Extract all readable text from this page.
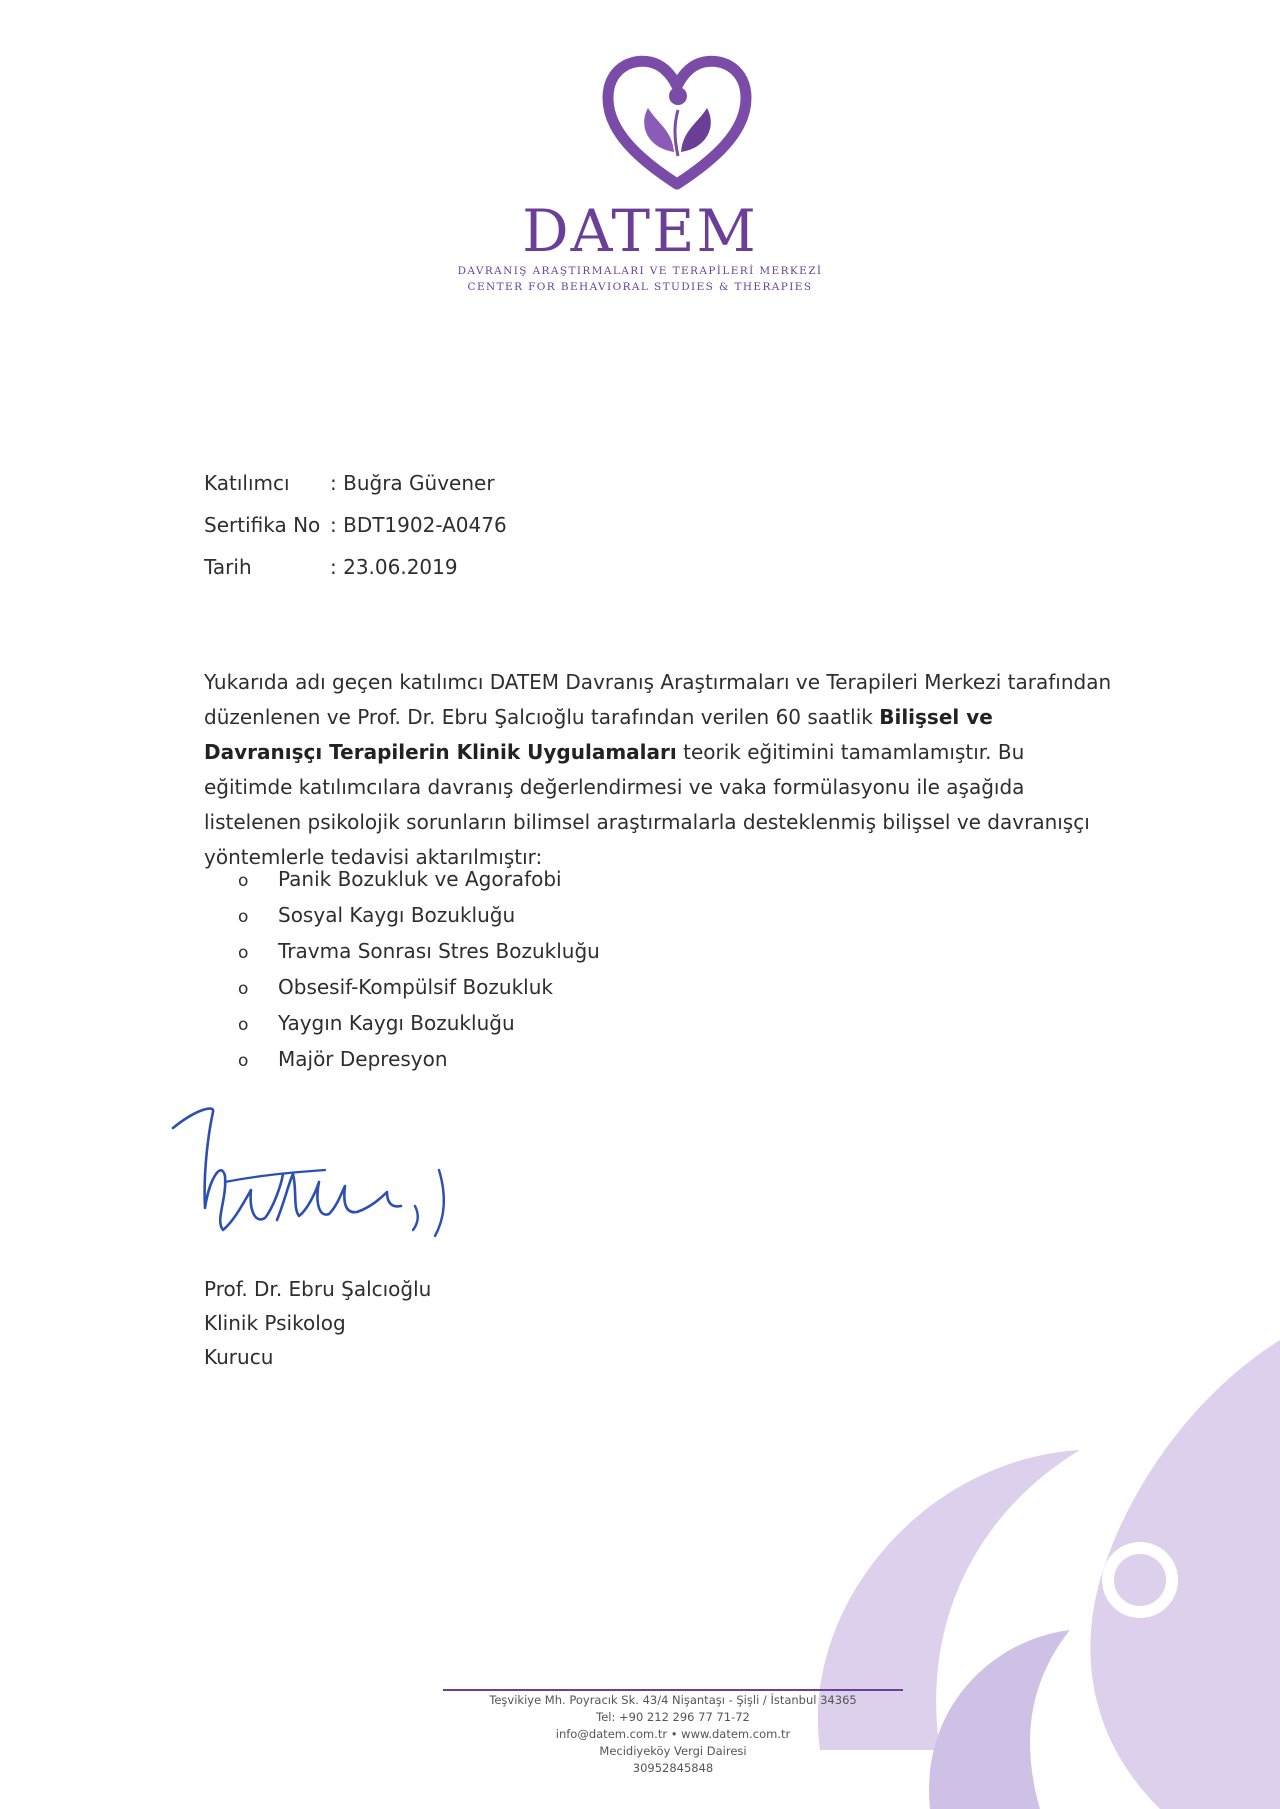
DATEM
DAVRANIŞ ARAŞTIRMALARI VE TERAPİLERİ MERKEZİ
CENTER FOR BEHAVIORAL STUDIES & THERAPIES
Katılımcı : Buğra Güvener
Sertifika No : BDT1902-A0476
Tarih	: 23.06.2019
Yukarıda adı geçen katılımcı DATEM Davranış Araştırmaları ve Terapileri Merkezi tarafından düzenlenen ve Prof. Dr. Ebru Şalcıoğlu tarafından verilen 60 saatlik Bilişsel ve Davranışçı Terapilerin Klinik Uygulamaları teorik eğitimini tamamlamıştır. Bu eğitimde katılımcılara davranış değerlendirmesi ve vaka formülasyonu ile aşağıda listelenen psikolojik sorunların bilimsel araştırmalarla desteklenmiş bilişsel ve davranışçı yöntemlerle tedavisi aktarılmıştır:
o Panik Bozukluk ve Agorafobi
o Sosyal Kaygı Bozukluğu
o Travma Sonrası Stres Bozukluğu
o Obsesif-Kompülsif Bozukluk
o Yaygın Kaygı Bozukluğu
o Majör Depresyon
Prof. Dr. Ebru Şalcıoğlu
Klinik Psikolog
Kurucu
Teşvikiye Mh. Poyracık Sk. 43/4 Nişantaşı - Şişli / İstanbul 34365
Tel: +90 212 296 77 71-72
info@datem.com.tr • www.datem.com.tr
Mecidiyeköy Vergi Dairesi
30952845848
